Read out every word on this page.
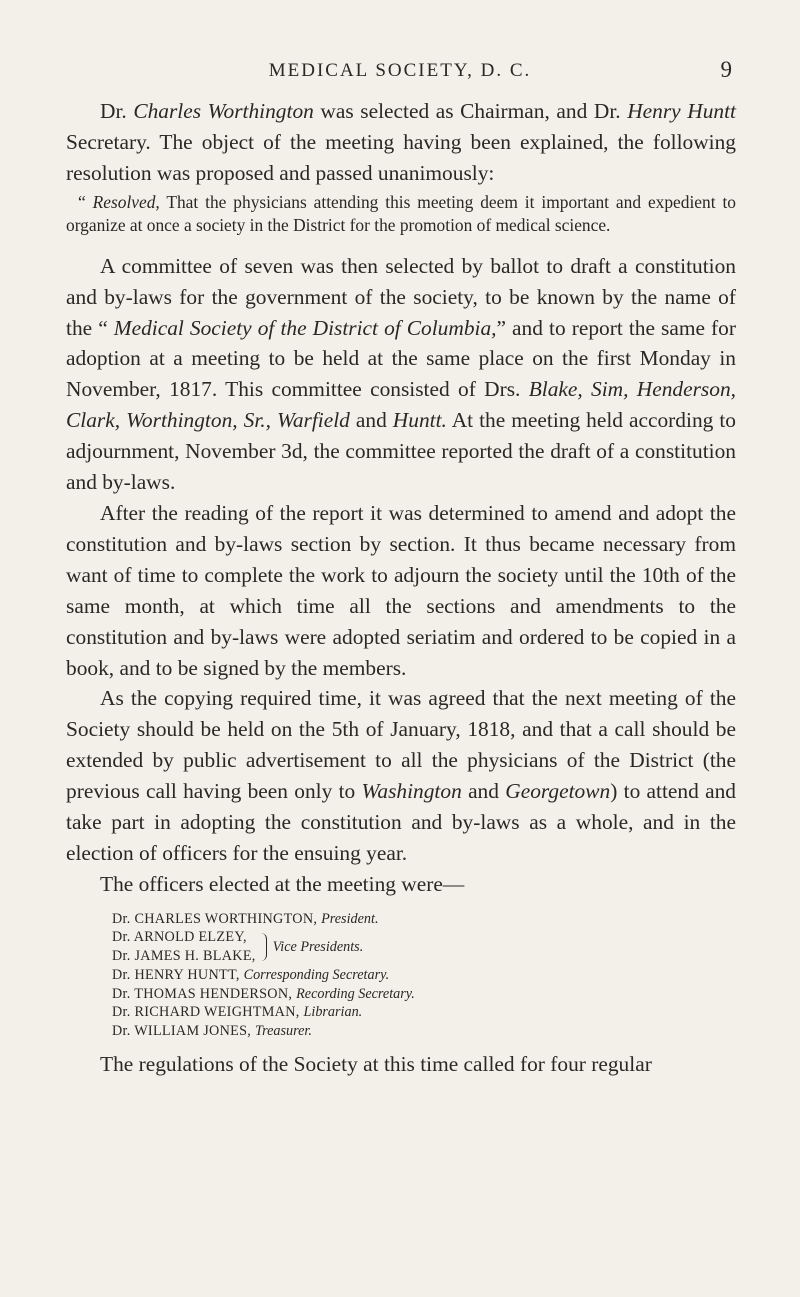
MEDICAL SOCIETY, D. C.	9

Dr. Charles Worthington was selected as Chairman, and Dr. Henry Huntt Secretary. The object of the meeting having been explained, the following resolution was proposed and passed unanimously:

“ Resolved, That the physicians attending this meeting deem it important and expedient to organize at once a society in the District for the promotion of medical science.

A committee of seven was then selected by ballot to draft a constitution and by-laws for the government of the society, to be known by the name of the “ Medical Society of the District of Columbia,” and to report the same for adoption at a meeting to be held at the same place on the first Monday in November, 1817. This committee consisted of Drs. Blake, Sim, Henderson, Clark, Worthington, Sr., Warfield and Huntt. At the meeting held according to adjournment, November 3d, the committee reported the draft of a constitution and by-laws.

After the reading of the report it was determined to amend and adopt the constitution and by-laws section by section. It thus became necessary from want of time to complete the work to adjourn the society until the 10th of the same month, at which time all the sections and amendments to the constitution and by-laws were adopted seriatim and ordered to be copied in a book, and to be signed by the members.

As the copying required time, it was agreed that the next meeting of the Society should be held on the 5th of January, 1818, and that a call should be extended by public advertisement to all the physicians of the District (the previous call having been only to Washington and Georgetown) to attend and take part in adopting the constitution and by-laws as a whole, and in the election of officers for the ensuing year.

The officers elected at the meeting were—

Dr. CHARLES WORTHINGTON, President.
Dr. ARNOLD ELZEY,
Dr. JAMES H. BLAKE,
Vice Presidents.
Dr. HENRY HUNTT, Corresponding Secretary.
Dr. THOMAS HENDERSON, Recording Secretary.
Dr. RICHARD WEIGHTMAN, Librarian.
Dr. WILLIAM JONES, Treasurer.

The regulations of the Society at this time called for four regular
